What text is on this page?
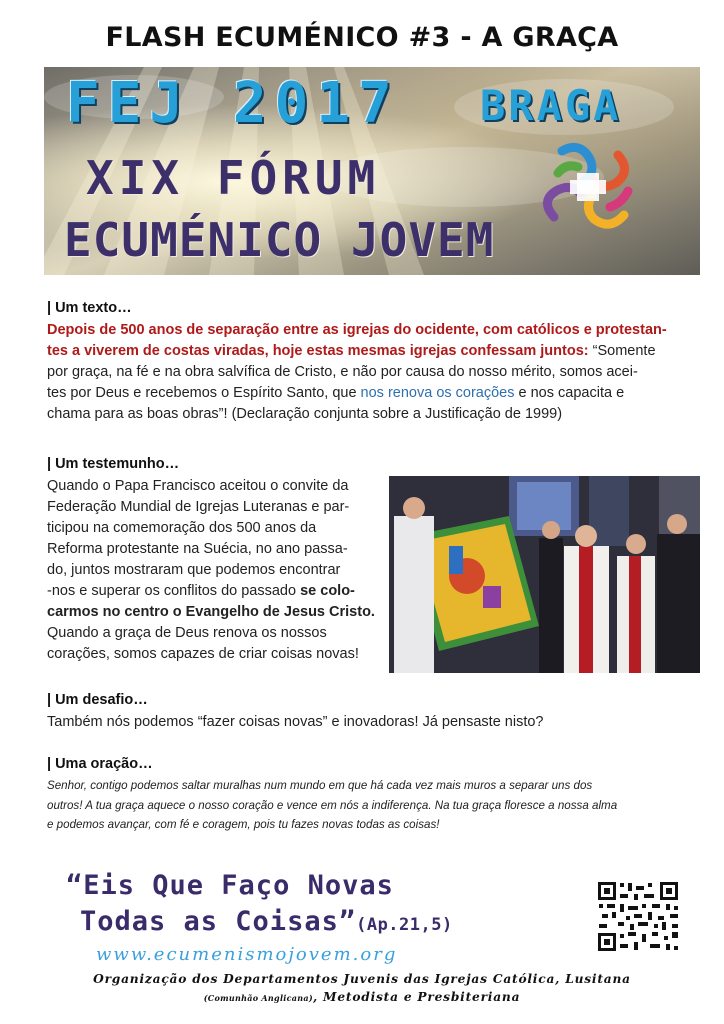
FLASH ECUMÉNICO #3 - A GRAÇA
FEJ 2017 BRAGA
XIX FÓRUM
ECUMÉNICO JOVEM
| Um texto…
Depois de 500 anos de separação entre as igrejas do ocidente, com católicos e protestan-
tes a viverem de costas viradas, hoje estas mesmas igrejas confessam juntos: “Somente
por graça, na fé e na obra salvífica de Cristo, e não por causa do nosso mérito, somos acei-
tes por Deus e recebemos o Espírito Santo, que nos renova os corações e nos capacita e
chama para as boas obras”! (Declaração conjunta sobre a Justificação de 1999)
| Um testemunho…
Quando o Papa Francisco aceitou o convite da
Federação Mundial de Igrejas Luteranas e par-
ticipou na comemoração dos 500 anos da
Reforma protestante na Suécia, no ano passa-
do, juntos mostraram que podemos encontrar
-nos e superar os conflitos do passado se colo-
carmos no centro o Evangelho de Jesus Cristo.
Quando a graça de Deus renova os nossos
corações, somos capazes de criar coisas novas!
| Um desafio…
Também nós podemos “fazer coisas novas” e inovadoras! Já pensaste nisto?
| Uma oração…
Senhor, contigo podemos saltar muralhas num mundo em que há cada vez mais muros a separar uns dos
outros! A tua graça aquece o nosso coração e vence em nós a indiferença. Na tua graça floresce a nossa alma
e podemos avançar, com fé e coragem, pois tu fazes novas todas as coisas!
“Eis Que Faço Novas
Todas as Coisas”(Ap.21,5)
www.ecumenismojovem.org
Organização dos Departamentos Juvenis das Igrejas Católica, Lusitana
(Comunhão Anglicana), Metodista e Presbiteriana
